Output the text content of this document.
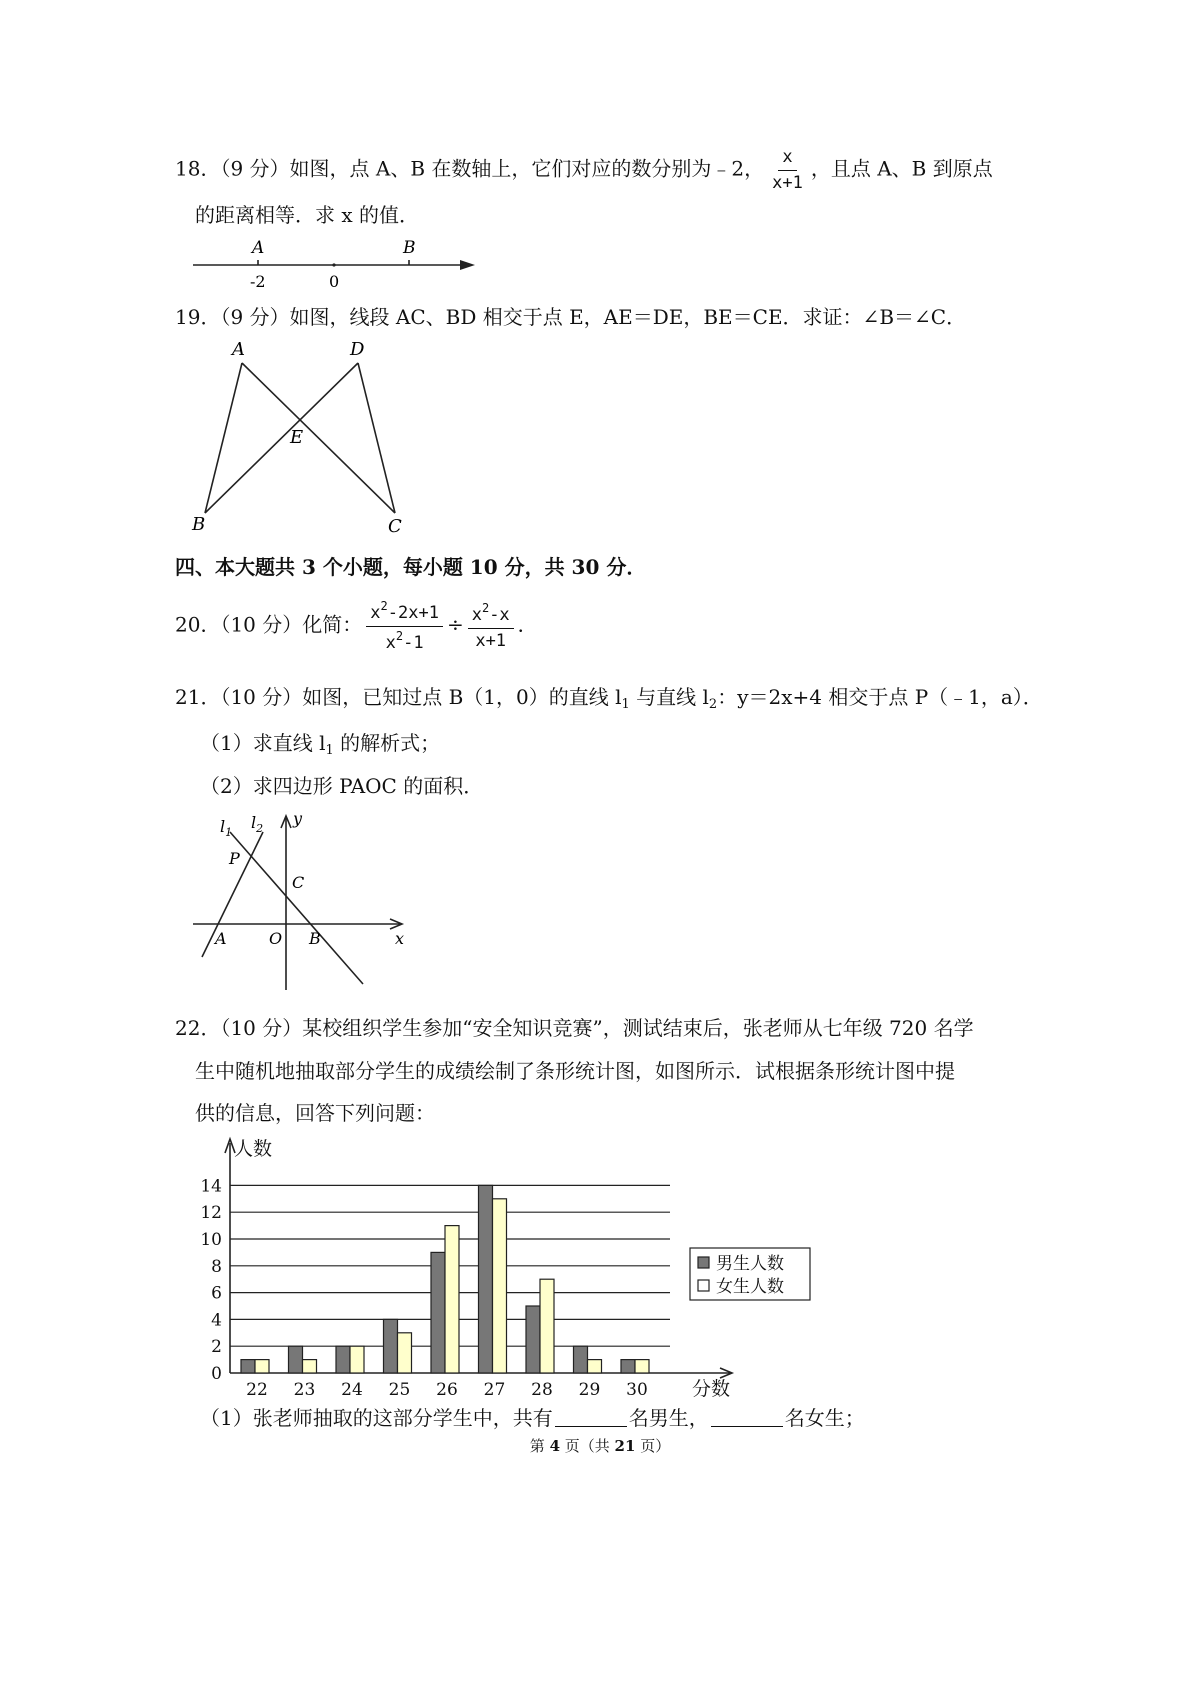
18．（9 分）如图，点 A、B 在数轴上，它们对应的数分别为﹣2， $\frac{x}{x+1}$ ，且点 A、B 到原点
的距离相等．求 x 的值．
A	B
-2	0
19．（9 分）如图，线段 AC、BD 相交于点 E，AE＝DE，BE＝CE．求证：∠B＝∠C．
A	D
E
B	C
四、本大题共 3 个小题，每小题 10 分，共 30 分．
20．（10 分）化简： $\frac{x^2-2x+1}{x^2-1} \div \frac{x^2-x}{x+1}$ ．
21．（10 分）如图，已知过点 B（1，0）的直线 $l_1$ 与直线 $l_2$：y＝2x+4 相交于点 P（﹣1，a）．
（1）求直线 $l_1$ 的解析式；
（2）求四边形 PAOC 的面积．
$l_1$
$l_2$
y
x
P
C
A	O B
22．（10 分）某校组织学生参加“安全知识竞赛”，测试结束后，张老师从七年级 720 名学
生中随机地抽取部分学生的成绩绘制了条形统计图，如图所示．试根据条形统计图中提
供的信息，回答下列问题：
0
2
4
6
8
10
12
14
人数
分数
22 23 24 25 26 27 28 29 30
男生人数
女生人数
（1）张老师抽取的这部分学生中，共有	名男生，	名女生；
第 4 页（共 21 页）
